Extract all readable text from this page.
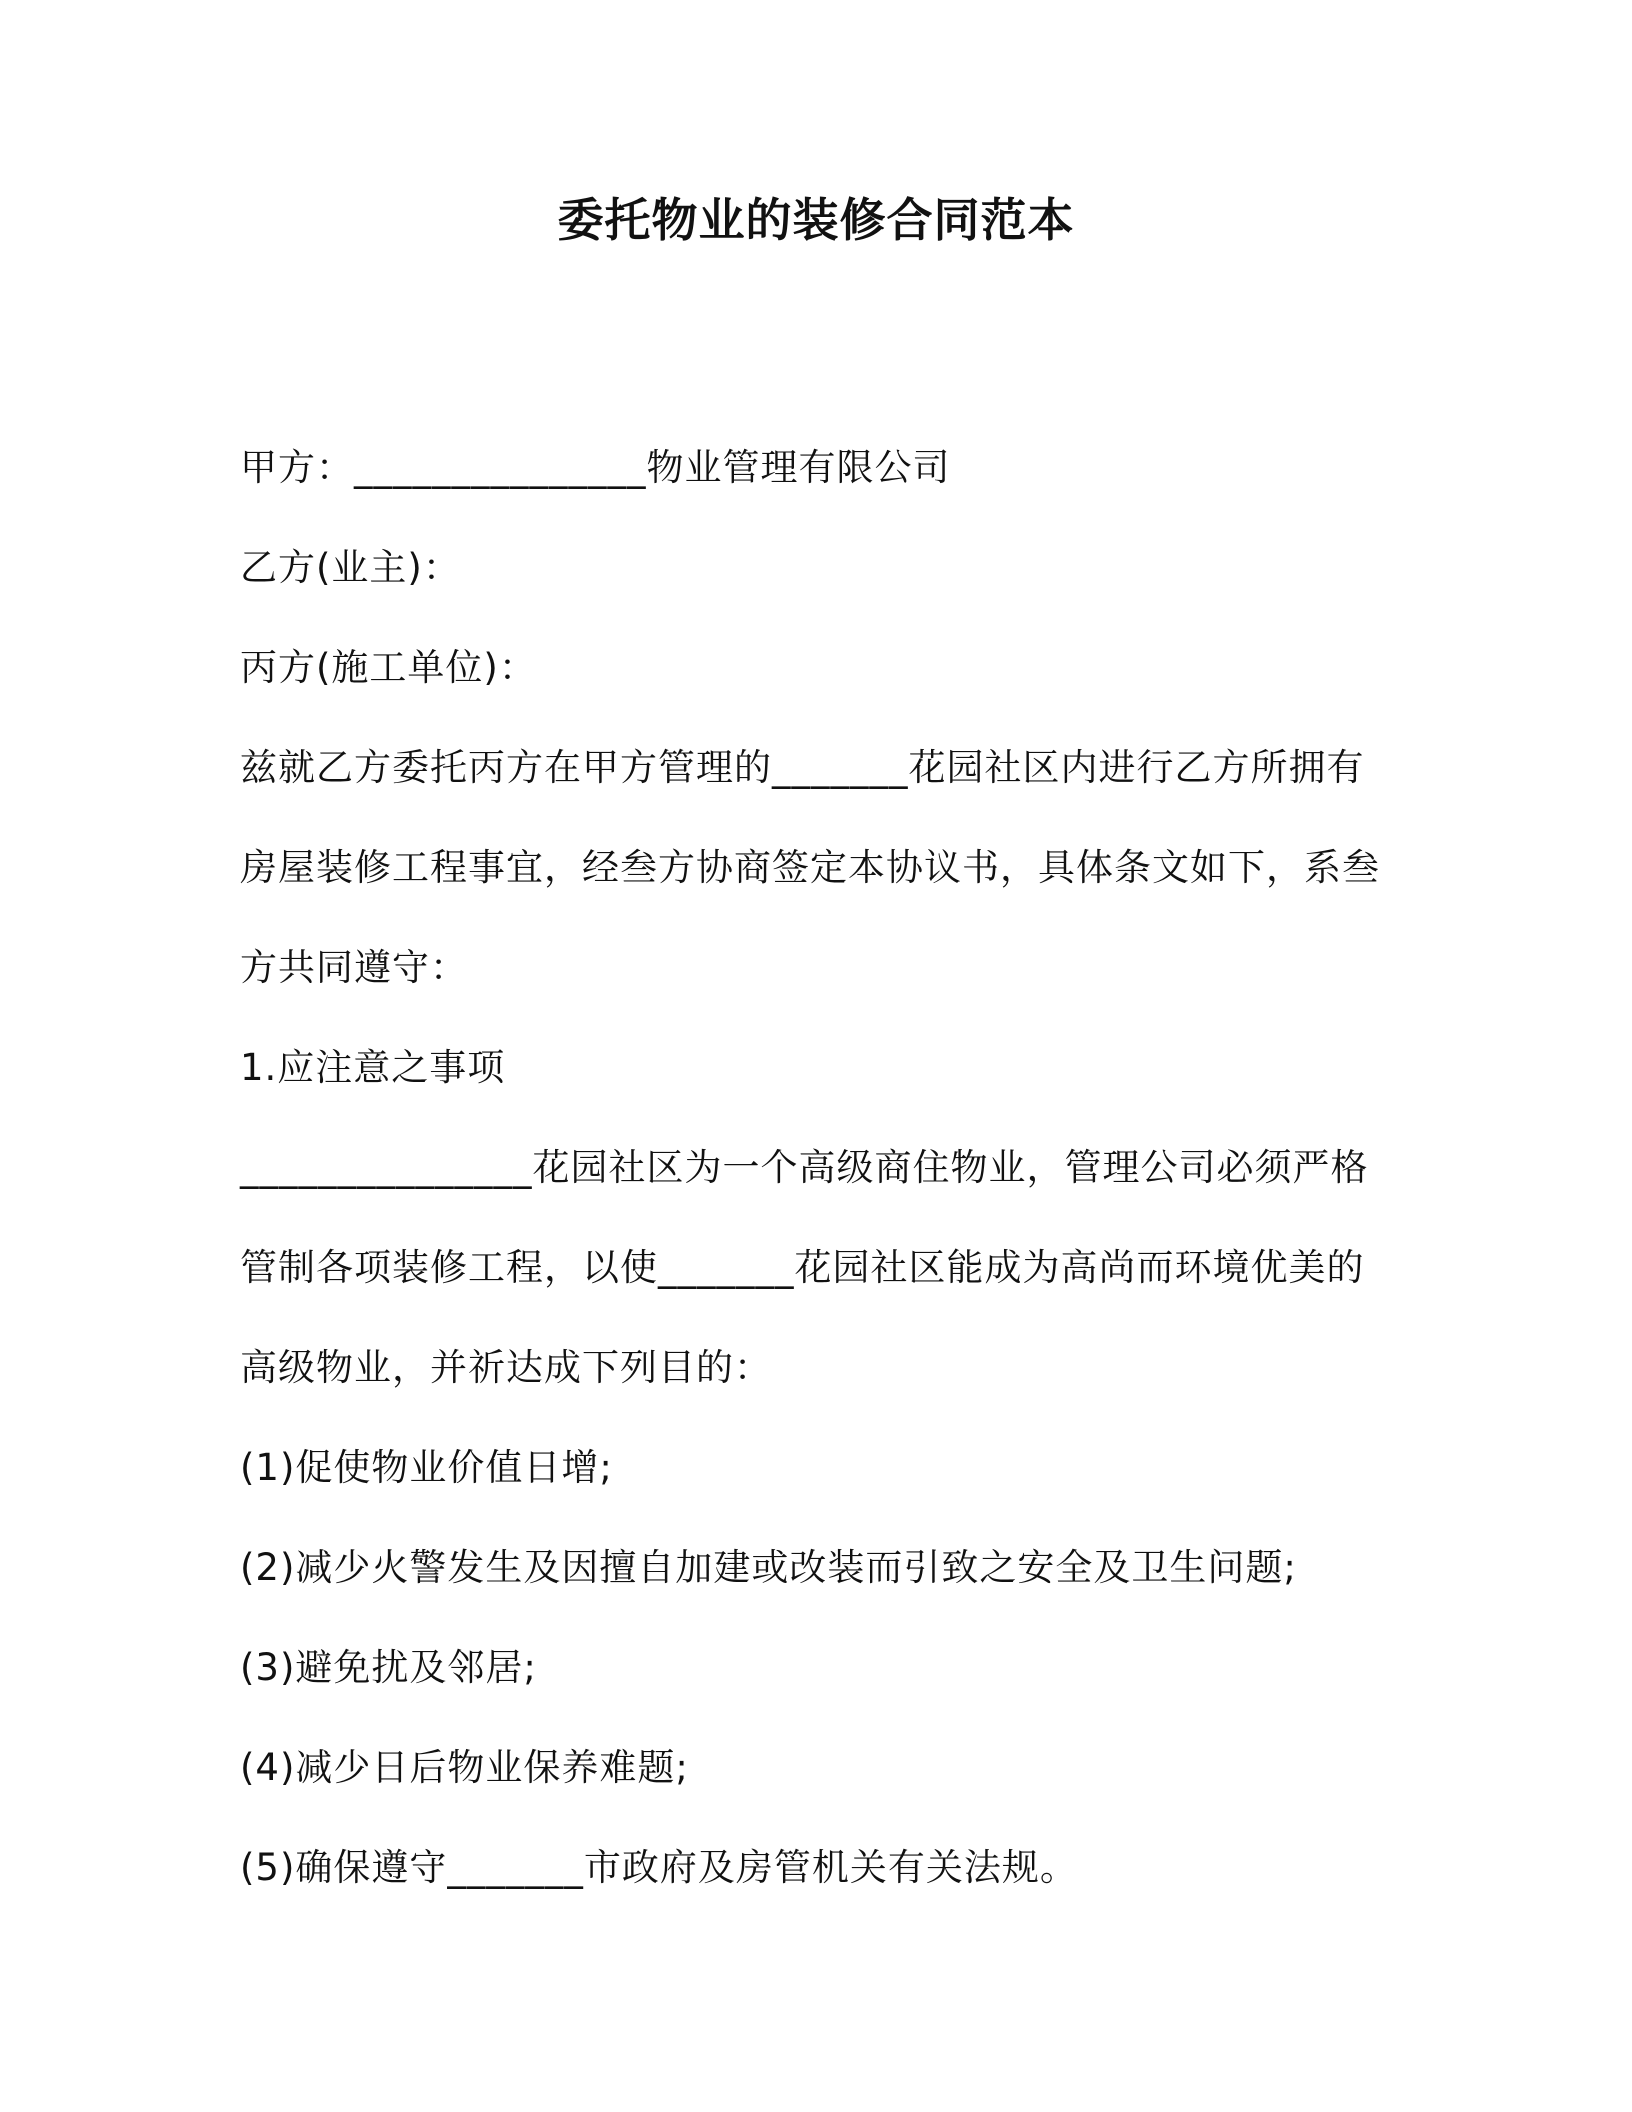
委托物业的装修合同范本
甲方：_______________物业管理有限公司
乙方(业主)：
丙方(施工单位)：
兹就乙方委托丙方在甲方管理的_______花园社区内进行乙方所拥有
房屋装修工程事宜，经叁方协商签定本协议书，具体条文如下，系叁
方共同遵守：
1.应注意之事项
_______________花园社区为一个高级商住物业，管理公司必须严格
管制各项装修工程，以使_______花园社区能成为高尚而环境优美的
高级物业，并祈达成下列目的：
(1)促使物业价值日增;
(2)减少火警发生及因擅自加建或改装而引致之安全及卫生问题;
(3)避免扰及邻居;
(4)减少日后物业保养难题;
(5)确保遵守_______市政府及房管机关有关法规。
